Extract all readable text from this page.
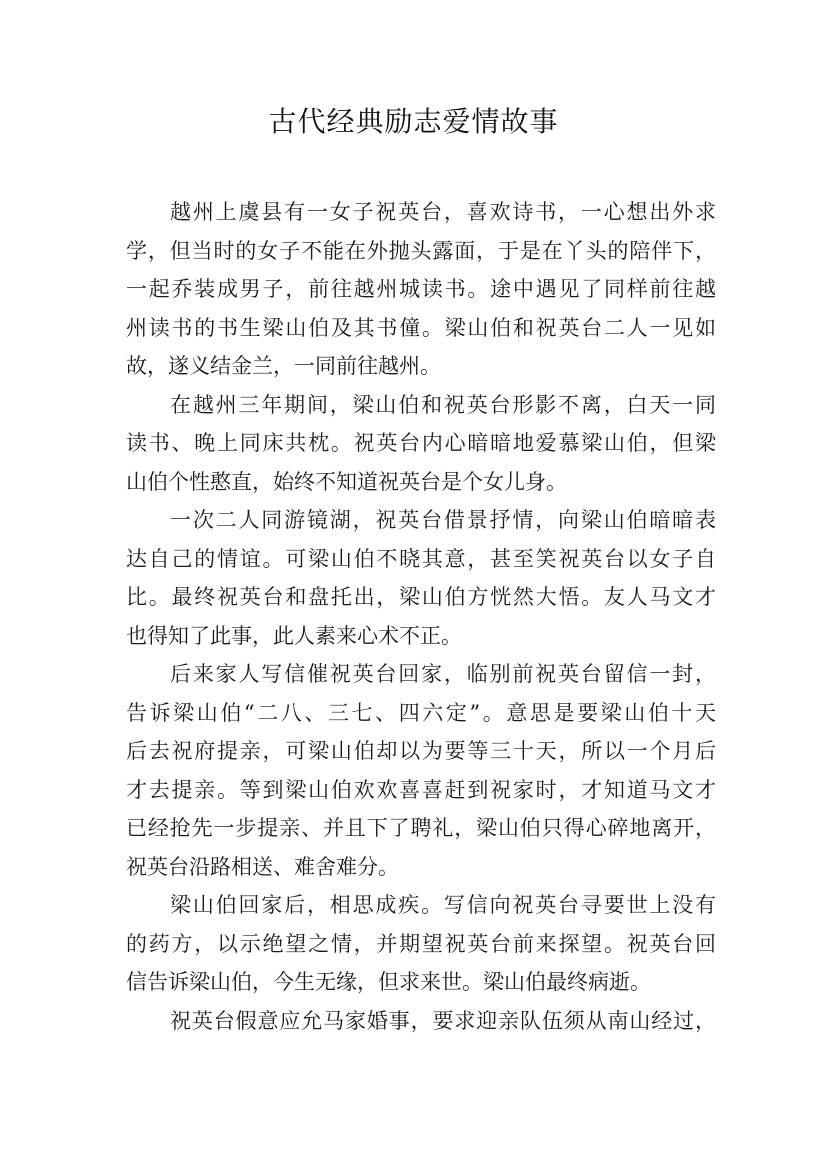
古代经典励志爱情故事
越州上虞县有一女子祝英台，喜欢诗书，一心想出外求
学，但当时的女子不能在外抛头露面，于是在丫头的陪伴下，
一起乔装成男子，前往越州城读书。途中遇见了同样前往越
州读书的书生梁山伯及其书僮。梁山伯和祝英台二人一见如
故，遂义结金兰，一同前往越州。
在越州三年期间，梁山伯和祝英台形影不离，白天一同
读书、晚上同床共枕。祝英台内心暗暗地爱慕梁山伯，但梁
山伯个性憨直，始终不知道祝英台是个女儿身。
一次二人同游镜湖，祝英台借景抒情，向梁山伯暗暗表
达自己的情谊。可梁山伯不晓其意，甚至笑祝英台以女子自
比。最终祝英台和盘托出，梁山伯方恍然大悟。友人马文才
也得知了此事，此人素来心术不正。
后来家人写信催祝英台回家，临别前祝英台留信一封，
告诉梁山伯“二八、三七、四六定”。意思是要梁山伯十天
后去祝府提亲，可梁山伯却以为要等三十天，所以一个月后
才去提亲。等到梁山伯欢欢喜喜赶到祝家时，才知道马文才
已经抢先一步提亲、并且下了聘礼，梁山伯只得心碎地离开，
祝英台沿路相送、难舍难分。
梁山伯回家后，相思成疾。写信向祝英台寻要世上没有
的药方，以示绝望之情，并期望祝英台前来探望。祝英台回
信告诉梁山伯，今生无缘，但求来世。梁山伯最终病逝。
祝英台假意应允马家婚事，要求迎亲队伍须从南山经过，
